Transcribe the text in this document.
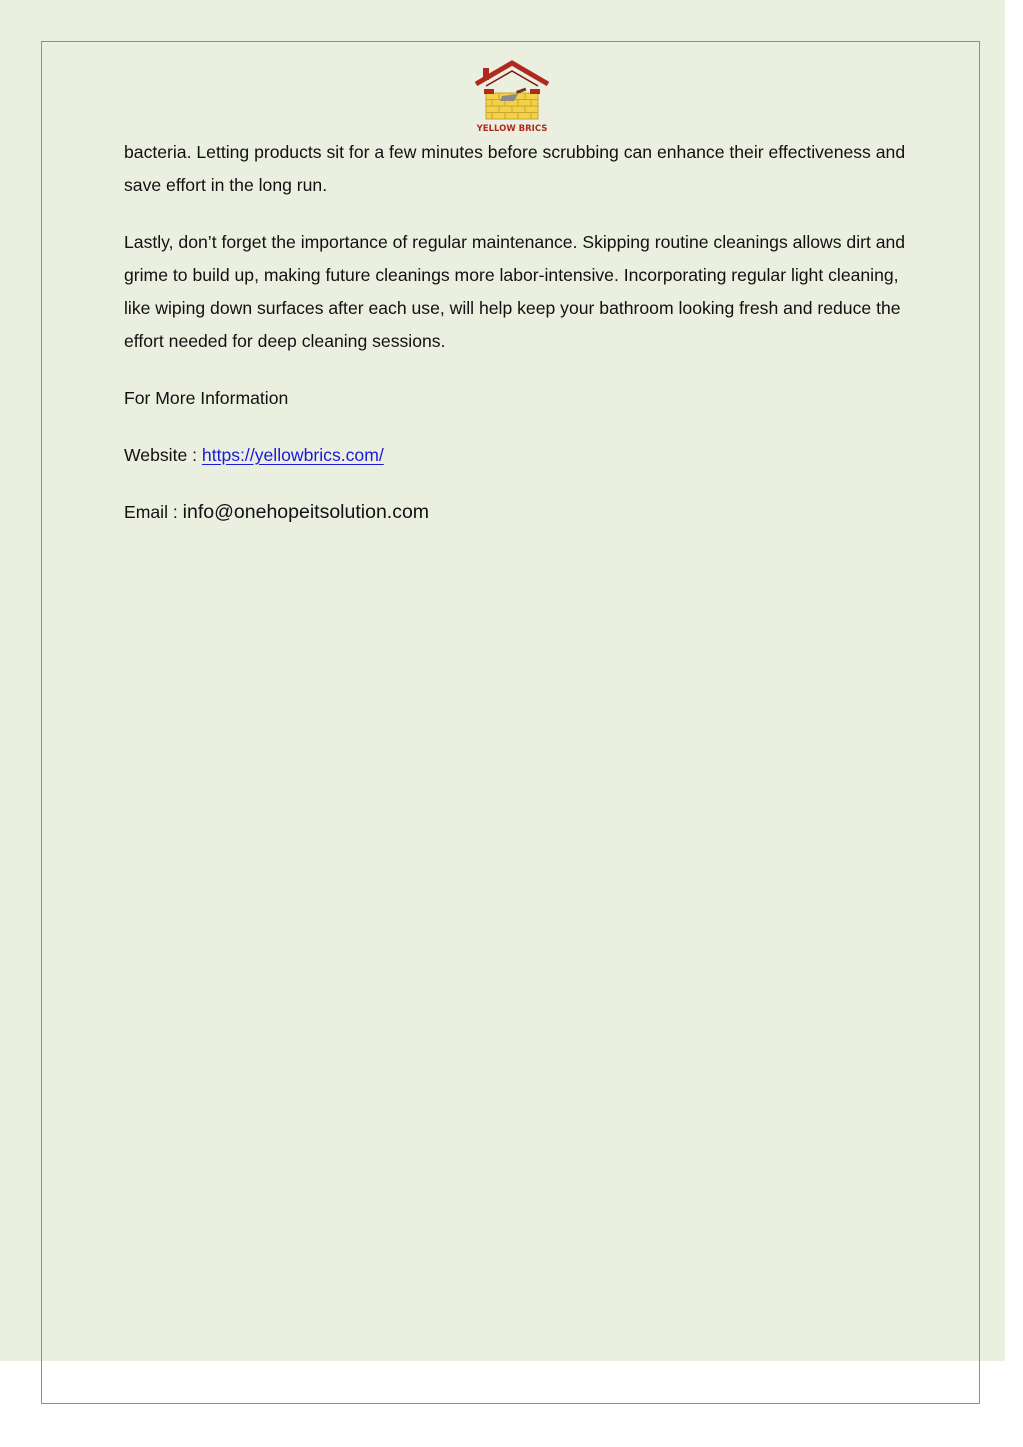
YELLOW BRICS

bacteria. Letting products sit for a few minutes before scrubbing can enhance their effectiveness and save effort in the long run.

Lastly, don’t forget the importance of regular maintenance. Skipping routine cleanings allows dirt and grime to build up, making future cleanings more labor-intensive. Incorporating regular light cleaning, like wiping down surfaces after each use, will help keep your bathroom looking fresh and reduce the effort needed for deep cleaning sessions.

For More Information

Website : https://yellowbrics.com/

Email : info@onehopeitsolution.com
